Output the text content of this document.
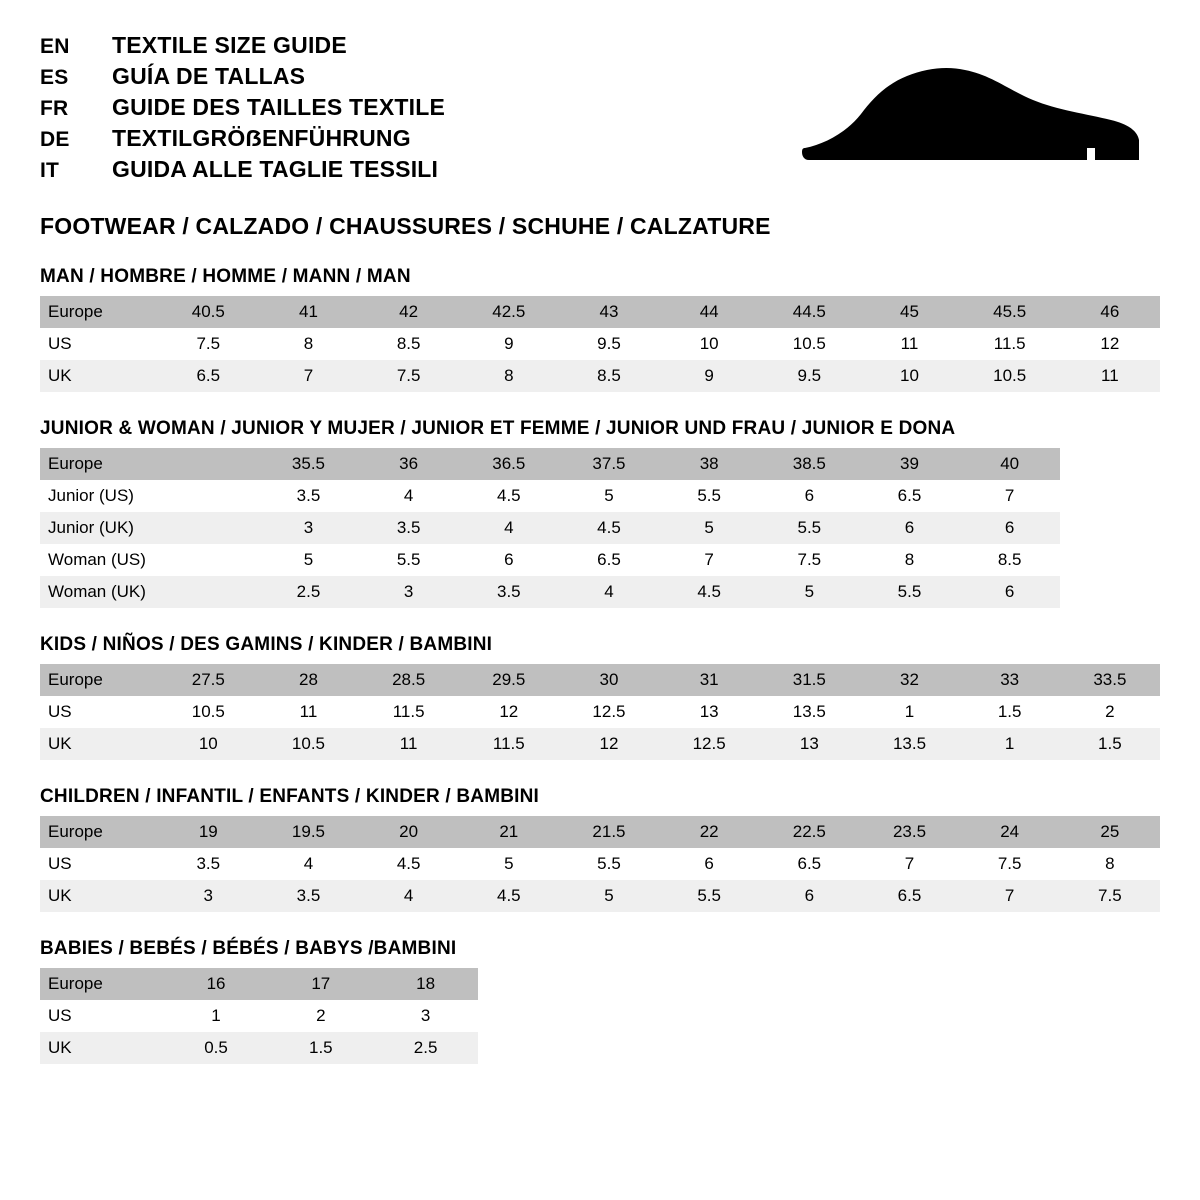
EN	TEXTILE SIZE GUIDE
ES	GUÍA DE TALLAS
FR	GUIDE DES TAILLES TEXTILE
DE	TEXTILGRÖẞENFÜHRUNG
IT	GUIDA ALLE TAGLIE TESSILI
FOOTWEAR / CALZADO / CHAUSSURES / SCHUHE / CALZATURE
MAN / HOMBRE / HOMME / MANN / MAN
Europe	40.5	41	42	42.5	43	44	44.5	45	45.5	46
US	7.5	8	8.5	9	9.5	10	10.5	11	11.5	12
UK	6.5	7	7.5	8	8.5	9	9.5	10	10.5	11
JUNIOR & WOMAN / JUNIOR Y MUJER / JUNIOR ET FEMME / JUNIOR UND FRAU / JUNIOR E DONA
Europe		35.5	36	36.5	37.5	38	38.5	39	40
Junior (US)		3.5	4	4.5	5	5.5	6	6.5	7
Junior (UK)		3	3.5	4	4.5	5	5.5	6	6
Woman (US)		5	5.5	6	6.5	7	7.5	8	8.5
Woman (UK)		2.5	3	3.5	4	4.5	5	5.5	6
KIDS / NIÑOS / DES GAMINS / KINDER / BAMBINI
Europe	27.5	28	28.5	29.5	30	31	31.5	32	33	33.5
US	10.5	11	11.5	12	12.5	13	13.5	1	1.5	2
UK	10	10.5	11	11.5	12	12.5	13	13.5	1	1.5
CHILDREN / INFANTIL / ENFANTS / KINDER / BAMBINI
Europe	19	19.5	20	21	21.5	22	22.5	23.5	24	25
US	3.5	4	4.5	5	5.5	6	6.5	7	7.5	8
UK	3	3.5	4	4.5	5	5.5	6	6.5	7	7.5
BABIES / BEBÉS / BÉBÉS / BABYS /BAMBINI
Europe	16	17	18
US	1	2	3
UK	0.5	1.5	2.5
